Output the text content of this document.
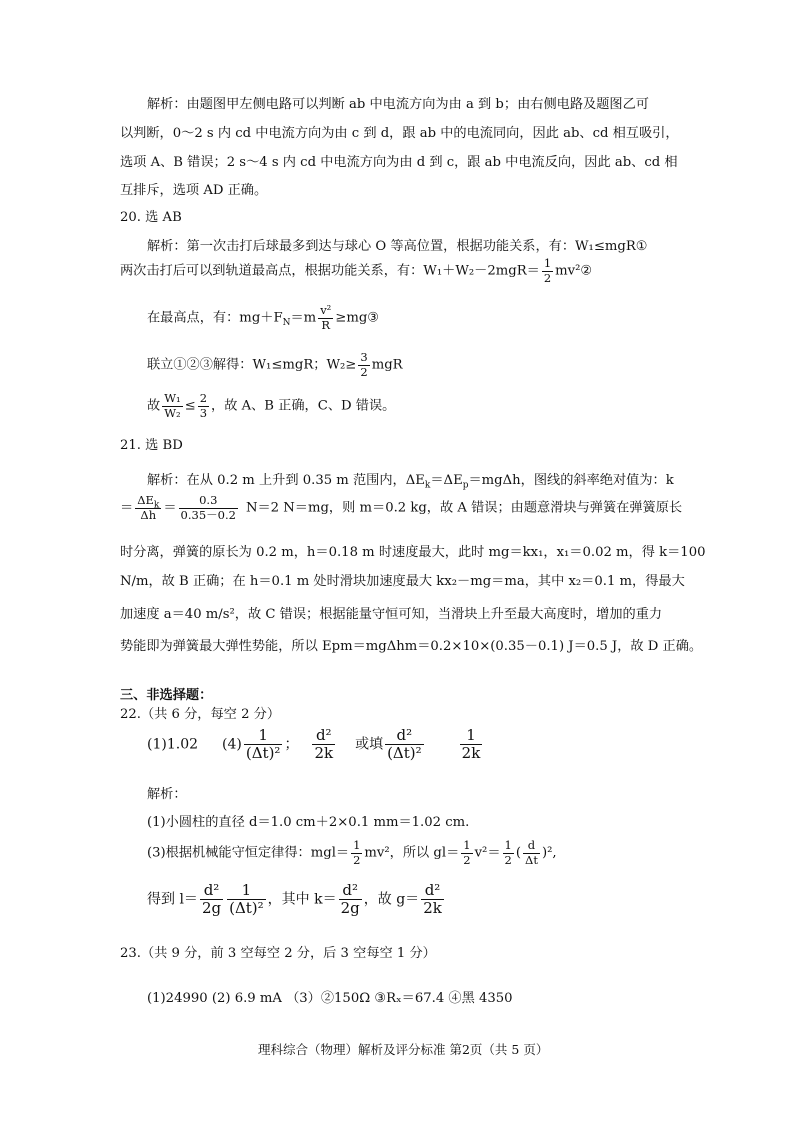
解析：由题图甲左侧电路可以判断 ab 中电流方向为由 a 到 b；由右侧电路及题图乙可
以判断，0～2 s 内 cd 中电流方向为由 c 到 d，跟 ab 中的电流同向，因此 ab、cd 相互吸引，
选项 A、B 错误；2 s～4 s 内 cd 中电流方向为由 d 到 c，跟 ab 中电流反向，因此 ab、cd 相
互排斥，选项 AD 正确。
20. 选 AB
解析：第一次击打后球最多到达与球心 O 等高位置，根据功能关系，有：W₁≤mgR①
两次击打后可以到轨道最高点，根据功能关系，有：$W_1+W_2-2mgR= \frac{1}{2}$ mv²②
在最高点，有：$mg+F_N=m \frac{\text{v²}}{R}$ ≥mg③
联立①②③解得：W₁≤mgR；$W_2\ge \frac{3}{2}$ mgR
故 $\frac{\text{W₁}}{\text{W₂}} \le \frac{2}{3}$ ，故 A、B 正确，C、D 错误。
21. 选 BD
解析：在从 0.2 m 上升到 0.35 m 范围内，$\Delta E_k=\Delta E_p=mg\Delta h$，图线的斜率绝对值为：k
＝ $\frac{\Delta E_k}{\Delta h} = \frac{0.3}{0.35-0.2} N=2$ N＝mg，则 m＝0.2 kg，故 A 错误；由题意滑块与弹簧在弹簧原长
时分离，弹簧的原长为 0.2 m，h＝0.18 m 时速度最大，此时 mg＝kx₁，x₁＝0.02 m，得 k＝100
N/m，故 B 正确；在 h＝0.1 m 处时滑块加速度最大 kx₂－mg＝ma，其中 x₂＝0.1 m，得最大
加速度 a＝40 m/s²，故 C 错误；根据能量守恒可知，当滑块上升至最大高度时，增加的重力
势能即为弹簧最大弹性势能，所以 Epm＝mgΔhm＝0.2×10×(0.35－0.1) J＝0.5 J，故 D 正确。
三、非选择题：
22.（共 6 分，每空 2 分）
(1)1.02 $(4) \frac{1}{\text{(Δt)²}}$ ； $\frac{\text{d²}}{2k}$ 或填 $\frac{\text{d²}}{\text{(Δt)²}} \frac{1}{2k}$
解析：
(1)小圆柱的直径 d＝1.0 cm＋2×0.1 mm＝1.02 cm.
(3)根据机械能守恒定律得：$mgl= \frac{1}{2} mv^2$，所以 $gl= \frac{1}{2} v^2= \frac{1}{2}$ ( $\frac{d}{\Delta t} )^2$,
得到 $l= \frac{\text{d²}}{2g} \frac{1}{\text{(Δt)²}}$ ，其中 $k= \frac{\text{d²}}{2g}$ ，故 $g= \frac{\text{d²}}{2k}$
23.（共 9 分，前 3 空每空 2 分，后 3 空每空 1 分）
(1)24990 (2) 6.9 mA （3）②150Ω ③Rₓ＝67.4 ④黑 4350
理科综合（物理）解析及评分标准 第2页（共 5 页）
